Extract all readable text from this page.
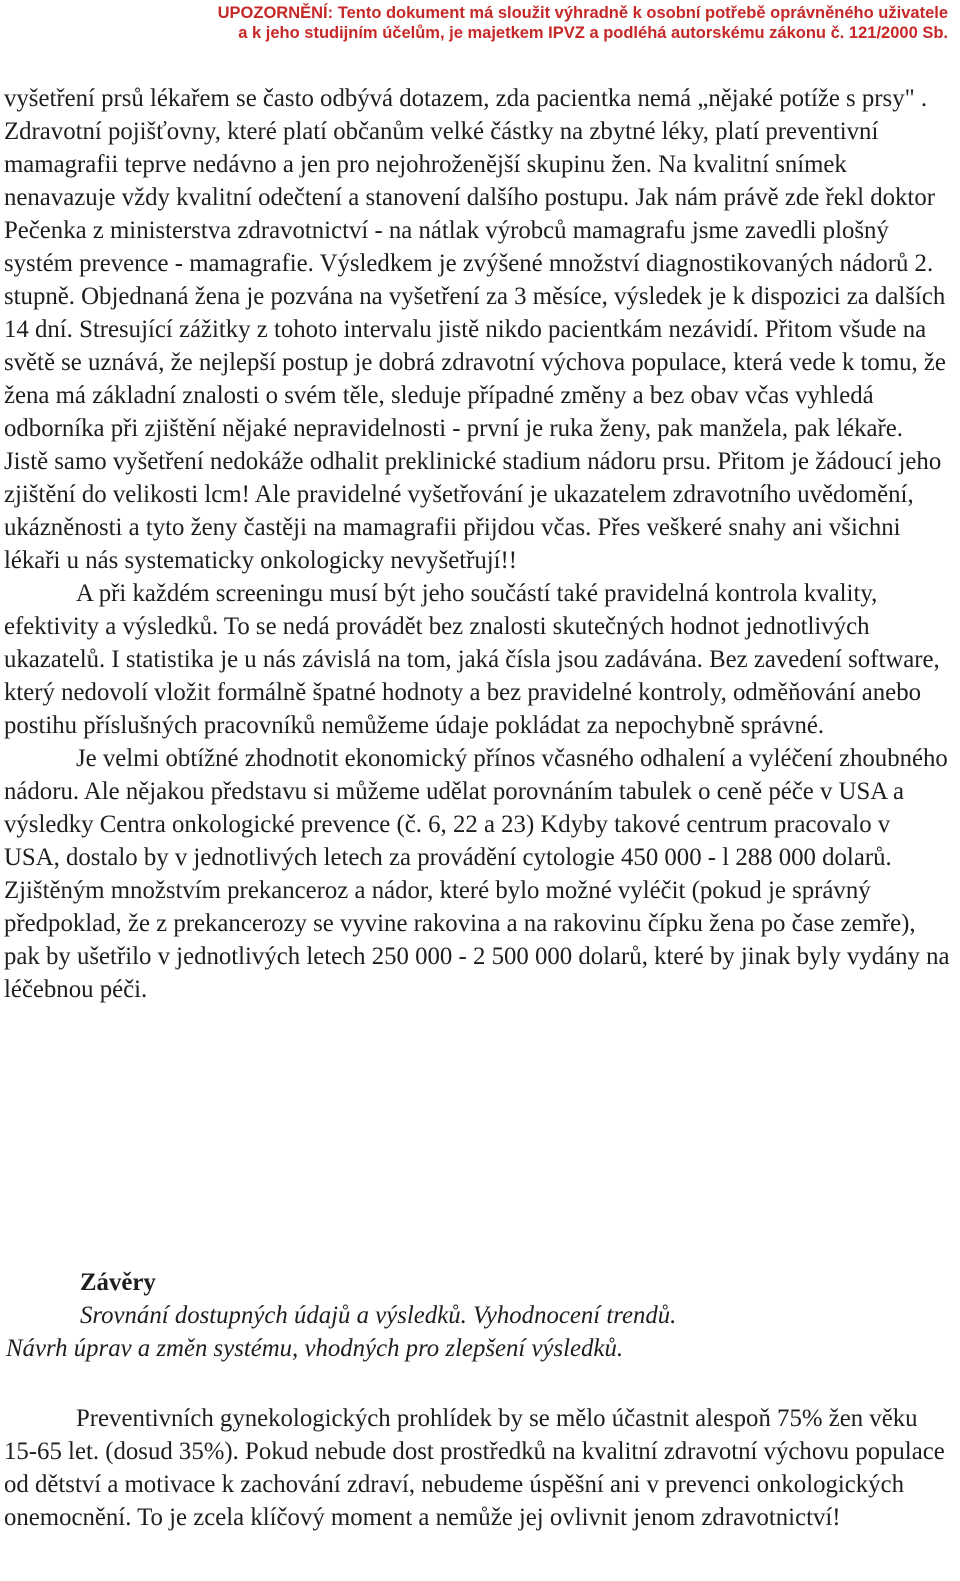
UPOZORNĚNÍ: Tento dokument má sloužit výhradně k osobní potřebě oprávněného uživatele
a k jeho studijním účelům, je majetkem IPVZ a podléhá autorskému zákonu č. 121/2000 Sb.

vyšetření prsů lékařem se často odbývá dotazem, zda pacientka nemá „nějaké potíže s prsy" . Zdravotní pojišťovny, které platí občanům velké částky na zbytné léky, platí preventivní mamagrafii teprve nedávno a jen pro nejohroženější skupinu žen. Na kvalitní snímek nenavazuje vždy kvalitní odečtení a stanovení dalšího postupu. Jak nám právě zde řekl doktor Pečenka z ministerstva zdravotnictví - na nátlak výrobců mamagrafu jsme zavedli plošný systém prevence - mamagrafie. Výsledkem je zvýšené množství diagnostikovaných nádorů 2. stupně. Objednaná žena je pozvána na vyšetření za 3 měsíce, výsledek je k dispozici za dalších 14 dní. Stresující zážitky z tohoto intervalu jistě nikdo pacientkám nezávidí. Přitom všude na světě se uznává, že nejlepší postup je dobrá zdravotní výchova populace, která vede k tomu, že žena má základní znalosti o svém těle, sleduje případné změny a bez obav včas vyhledá odborníka při zjištění nějaké nepravidelnosti - první je ruka ženy, pak manžela, pak lékaře. Jistě samo vyšetření nedokáže odhalit preklinické stadium nádoru prsu. Přitom je žádoucí jeho zjištění do velikosti lcm! Ale pravidelné vyšetřování je ukazatelem zdravotního uvědomění, ukázněnosti a tyto ženy častěji na mamagrafii přijdou včas. Přes veškeré snahy ani všichni lékaři u nás systematicky onkologicky nevyšetřují!!

A při každém screeningu musí být jeho součástí také pravidelná kontrola kvality, efektivity a výsledků. To se nedá provádět bez znalosti skutečných hodnot jednotlivých ukazatelů. I statistika je u nás závislá na tom, jaká čísla jsou zadávána. Bez zavedení software, který nedovolí vložit formálně špatné hodnoty a bez pravidelné kontroly, odměňování anebo postihu příslušných pracovníků nemůžeme údaje pokládat za nepochybně správné.

Je velmi obtížné zhodnotit ekonomický přínos včasného odhalení a vyléčení zhoubného nádoru. Ale nějakou představu si můžeme udělat porovnáním tabulek o ceně péče v USA a výsledky Centra onkologické prevence (č. 6, 22 a 23) Kdyby takové centrum pracovalo v USA, dostalo by v jednotlivých letech za provádění cytologie 450 000 - l 288 000 dolarů. Zjištěným množstvím prekanceroz a nádor, které bylo možné vyléčit (pokud je správný předpoklad, že z prekancerozy se vyvine rakovina a na rakovinu čípku žena po čase zemře), pak by ušetřilo v jednotlivých letech 250 000 - 2 500 000 dolarů, které by jinak byly vydány na léčebnou péči.

Závěry
Srovnání dostupných údajů a výsledků. Vyhodnocení trendů.
Návrh úprav a změn systému, vhodných pro zlepšení výsledků.

Preventivních gynekologických prohlídek by se mělo účastnit alespoň 75% žen věku 15-65 let. (dosud 35%). Pokud nebude dost prostředků na kvalitní zdravotní výchovu populace od dětství a motivace k zachování zdraví, nebudeme úspěšní ani v prevenci onkologických onemocnění. To je zcela klíčový moment a nemůže jej ovlivnit jenom zdravotnictví!
